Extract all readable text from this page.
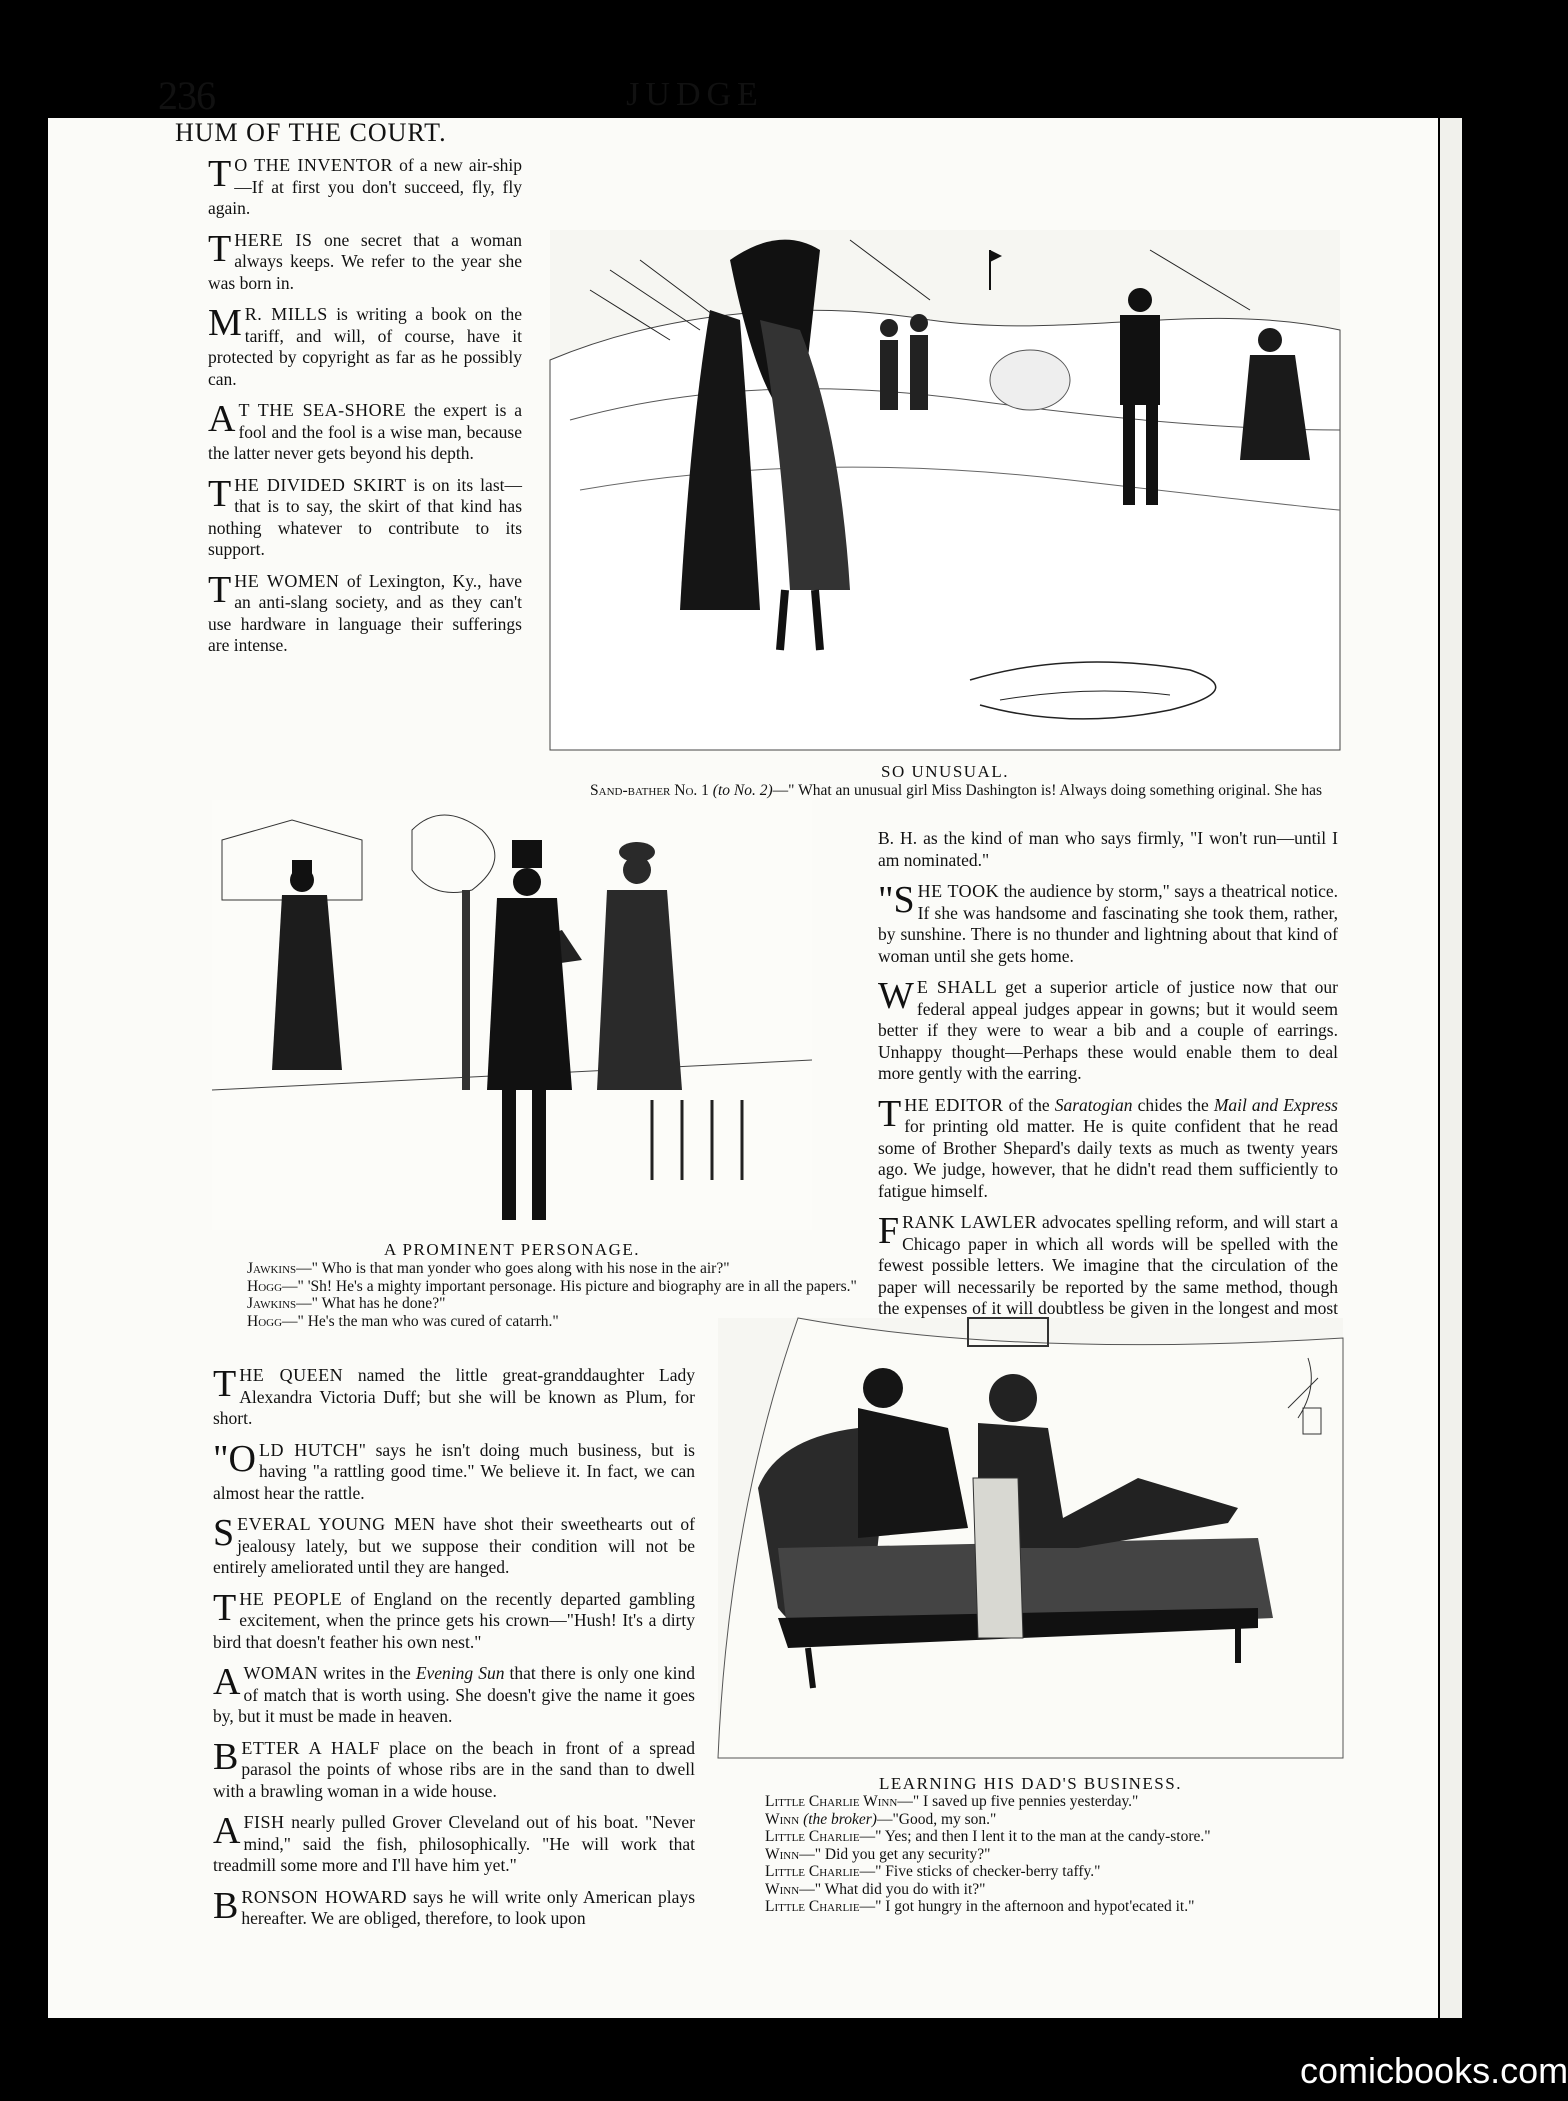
236	JUDGE
HUM OF THE COURT.

T O THE INVENTOR of a new air-ship—If at first you don't succeed, fly, fly again.

THERE IS one secret that a woman always keeps. We refer to the year she was born in.

M R. MILLS is writing a book on the tariff, and will, of course, have it protected by copyright as far as he possibly can.

A T THE SEA-SHORE the expert is a fool and the fool is a wise man, because the latter never gets beyond his depth.

THE DIVIDED SKIRT is on its last—that is to say, the skirt of that kind has nothing whatever to contribute to its support.

THE WOMEN of Lexington, Ky., have an anti-slang society, and as they can't use hardware in language their sufferings are intense.

SO UNUSUAL.
Sand-bather No. 1 (to No. 2)—" What an unusual girl Miss Dashington is! Always doing something original. She has
A PROMINENT PERSONAGE.
Jawkins—" Who is that man yonder who goes along with his nose in the air?"
Hogg—" 'Sh! He's a mighty important personage. His picture and biography are in all the papers."
Jawkins—" What has he done?"
Hogg—" He's the man who was cured of catarrh."

B. H. as the kind of man who says firmly, "I won't run—until I am nominated."

"SHE TOOK the audience by storm," says a theatrical notice. If she was handsome and fascinating she took them, rather, by sunshine. There is no thunder and lightning about that kind of woman until she gets home.

W E SHALL get a superior article of justice now that our federal appeal judges appear in gowns; but it would seem better if they were to wear a bib and a couple of earrings. Unhappy thought—Perhaps these would enable them to deal more gently with the earring.

THE EDITOR of the Saratogian chides the Mail and Express for printing old matter. He is quite confident that he read some of Brother Shepard's daily texts as much as twenty years ago. We judge, however, that he didn't read them sufficiently to fatigue himself.

FRANK LAWLER advocates spelling reform, and will start a Chicago paper in which all words will be spelled with the fewest possible letters. We imagine that the circulation of the paper will necessarily be reported by the same method, though the expenses of it will doubtless be given in the longest and most melancholy arithmetic.

THE QUEEN named the little great-granddaughter Lady Alexandra Victoria Duff; but she will be known as Plum, for short.

"OLD HUTCH" says he isn't doing much business, but is having "a rattling good time." We believe it. In fact, we can almost hear the rattle.

SEVERAL YOUNG MEN have shot their sweethearts out of jealousy lately, but we suppose their condition will not be entirely ameliorated until they are hanged.

THE PEOPLE of England on the recently departed gambling excitement, when the prince gets his crown—"Hush! It's a dirty bird that doesn't feather his own nest."

A WOMAN writes in the Evening Sun that there is only one kind of match that is worth using. She doesn't give the name it goes by, but it must be made in heaven.

BETTER A HALF place on the beach in front of a spread parasol the points of whose ribs are in the sand than to dwell with a brawling woman in a wide house.

A FISH nearly pulled Grover Cleveland out of his boat. "Never mind," said the fish, philosophically. "He will work that treadmill some more and I'll have him yet."

BRONSON HOWARD says he will write only American plays hereafter. We are obliged, therefore, to look upon

LEARNING HIS DAD'S BUSINESS.
Little Charlie Winn—" I saved up five pennies yesterday."
Winn (the broker)—"Good, my son."
Little Charlie—" Yes; and then I lent it to the man at the candy-store."
Winn—" Did you get any security?"
Little Charlie—" Five sticks of checker-berry taffy."
Winn—" What did you do with it?"
Little Charlie—" I got hungry in the afternoon and hypot'ecated it."
comicbooks.com
